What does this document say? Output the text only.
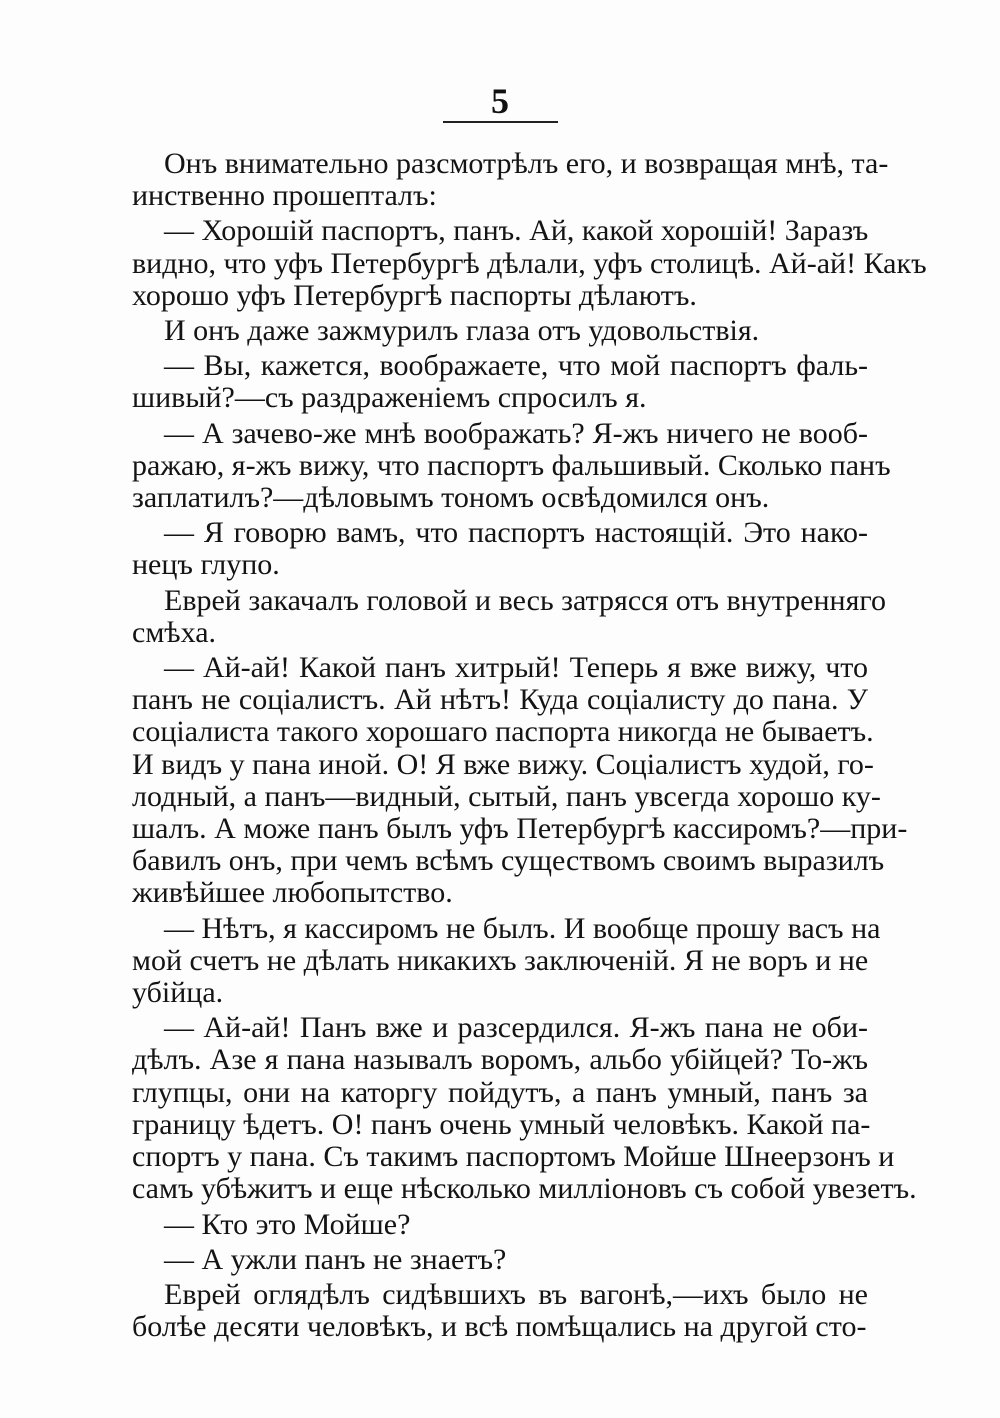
5
Онъ внимательно разсмотрѣлъ его, и возвращая мнѣ, та-
инственно прошепталъ:
— Хорошій паспортъ, панъ. Ай, какой хорошій! Заразъ
видно, что уфъ Петербургѣ дѣлали, уфъ столицѣ. Ай-ай! Какъ
хорошо уфъ Петербургѣ паспорты дѣлаютъ.
И онъ даже зажмурилъ глаза отъ удовольствія.
— Вы, кажется, воображаете, что мой паспортъ фаль-
шивый?—съ раздраженіемъ спросилъ я.
— А зачево-же мнѣ воображать? Я-жъ ничего не вооб-
ражаю, я-жъ вижу, что паспортъ фальшивый. Сколько панъ
заплатилъ?—дѣловымъ тономъ освѣдомился онъ.
— Я говорю вамъ, что паспортъ настоящій. Это нако-
нецъ глупо.
Еврей закачалъ головой и весь затрясся отъ внутренняго
смѣха.
— Ай-ай! Какой панъ хитрый! Теперь я вже вижу, что
панъ не соціалистъ. Ай нѣтъ! Куда соціалисту до пана. У
соціалиста такого хорошаго паспорта никогда не бываетъ.
И видъ у пана иной. О! Я вже вижу. Соціалистъ худой, го-
лодный, а панъ—видный, сытый, панъ увсегда хорошо ку-
шалъ. А може панъ былъ уфъ Петербургѣ кассиромъ?—при-
бавилъ онъ, при чемъ всѣмъ существомъ своимъ выразилъ
живѣйшее любопытство.
— Нѣтъ, я кассиромъ не былъ. И вообще прошу васъ на
мой счетъ не дѣлать никакихъ заключеній. Я не воръ и не
убійца.
— Ай-ай! Панъ вже и разсердился. Я-жъ пана не оби-
дѣлъ. Азе я пана называлъ воромъ, альбо убійцей? То-жъ
глупцы, они на каторгу пойдутъ, а панъ умный, панъ за
границу ѣдетъ. О! панъ очень умный человѣкъ. Какой па-
спортъ у пана. Съ такимъ паспортомъ Мойше Шнеерзонъ и
самъ убѣжитъ и еще нѣсколько милліоновъ съ собой увезетъ.
— Кто это Мойше?
— А ужли панъ не знаетъ?
Еврей оглядѣлъ сидѣвшихъ въ вагонѣ,—ихъ было не
болѣе десяти человѣкъ, и всѣ помѣщались на другой сто-
